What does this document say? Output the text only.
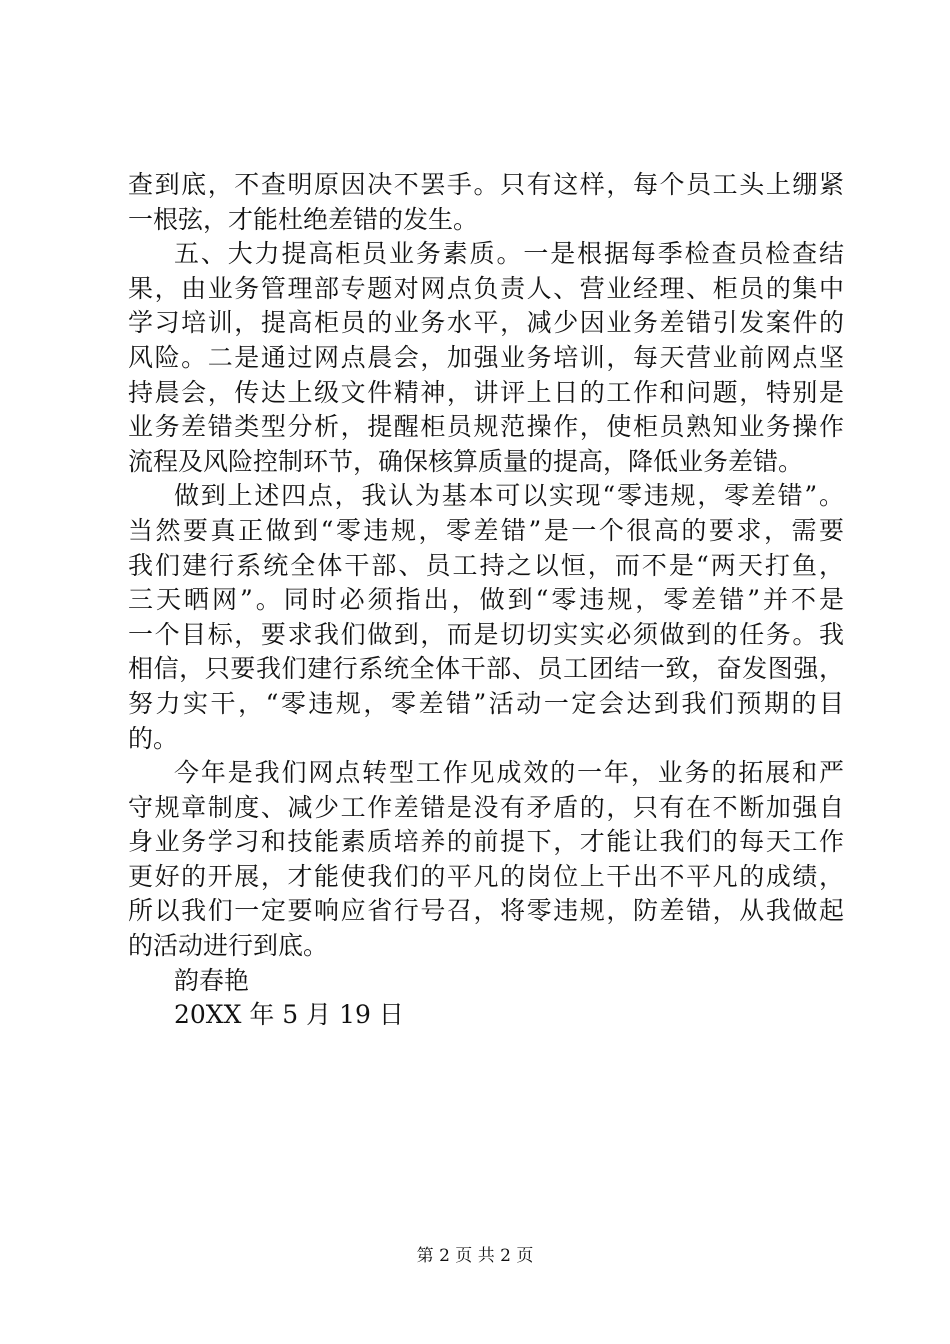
查到底，不查明原因决不罢手。只有这样，每个员工头上绷紧
一根弦，才能杜绝差错的发生。
五、大力提高柜员业务素质。一是根据每季检查员检查结
果，由业务管理部专题对网点负责人、营业经理、柜员的集中
学习培训，提高柜员的业务水平，减少因业务差错引发案件的
风险。二是通过网点晨会，加强业务培训，每天营业前网点坚
持晨会，传达上级文件精神，讲评上日的工作和问题，特别是
业务差错类型分析，提醒柜员规范操作，使柜员熟知业务操作
流程及风险控制环节，确保核算质量的提高，降低业务差错。
做到上述四点，我认为基本可以实现“零违规，零差错”。
当然要真正做到“零违规，零差错”是一个很高的要求，需要
我们建行系统全体干部、员工持之以恒，而不是“两天打鱼，
三天晒网”。同时必须指出，做到“零违规，零差错”并不是
一个目标，要求我们做到，而是切切实实必须做到的任务。我
相信，只要我们建行系统全体干部、员工团结一致，奋发图强，
努力实干，“零违规，零差错”活动一定会达到我们预期的目
的。
今年是我们网点转型工作见成效的一年，业务的拓展和严
守规章制度、减少工作差错是没有矛盾的，只有在不断加强自
身业务学习和技能素质培养的前提下，才能让我们的每天工作
更好的开展，才能使我们的平凡的岗位上干出不平凡的成绩，
所以我们一定要响应省行号召，将零违规，防差错，从我做起
的活动进行到底。
韵春艳
20XX 年 5 月 19 日
第 2 页 共 2 页
